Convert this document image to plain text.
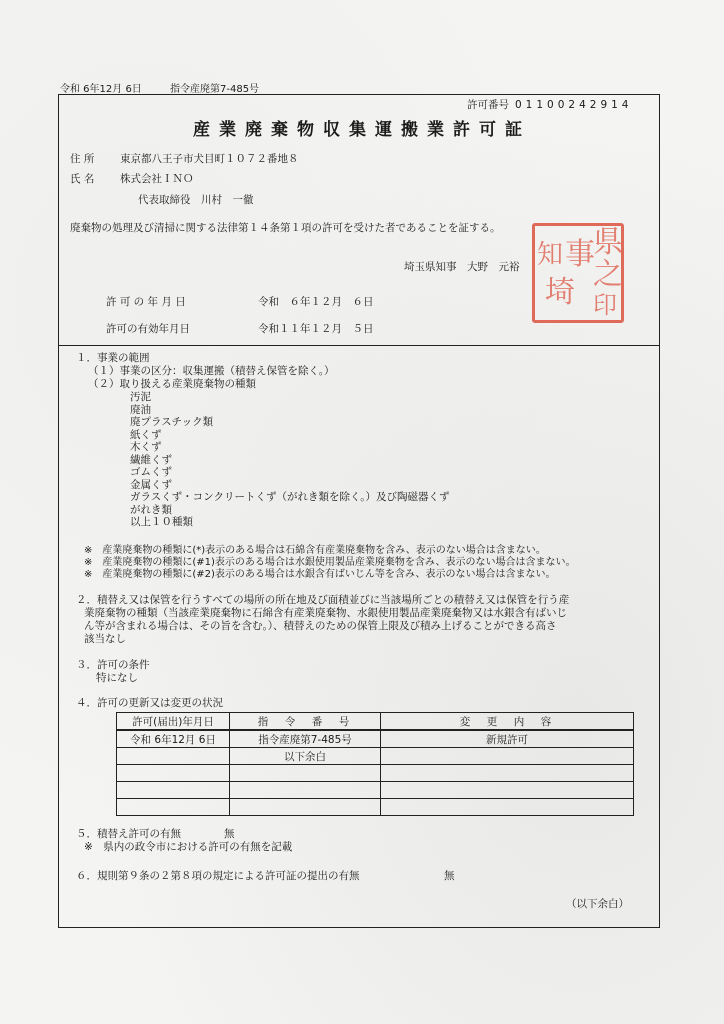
令和 6年12月 6日	指令産廃第7-485号
許可番号 01100242914
産業廃棄物収集運搬業許可証
住 所 東京都八王子市犬目町１０７２番地８
氏 名 株式会社ＩＮＯ
代表取締役　川村　一徹
廃棄物の処理及び清掃に関する法律第１４条第１項の許可を受けた者であることを証する。
埼玉県知事　大野　元裕
県
之
印
事
知
埼
許 可 の 年 月 日	令和　６年１２月　６日
許可の有効年月日	令和１１年１２月　５日
１．事業の範囲
（１）事業の区分：収集運搬（積替え保管を除く。）
（２）取り扱える産業廃棄物の種類
汚泥
廃油
廃プラスチック類
紙くず
木くず
繊維くず
ゴムくず
金属くず
ガラスくず・コンクリートくず（がれき類を除く。）及び陶磁器くず
がれき類
以上１０種類
※　産業廃棄物の種類に(*)表示のある場合は石綿含有産業廃棄物を含み、表示のない場合は含まない。
※　産業廃棄物の種類に(#1)表示のある場合は水銀使用製品産業廃棄物を含み、表示のない場合は含まない。
※　産業廃棄物の種類に(#2)表示のある場合は水銀含有ばいじん等を含み、表示のない場合は含まない。
２．積替え又は保管を行うすべての場所の所在地及び面積並びに当該場所ごとの積替え又は保管を行う産
業廃棄物の種類（当該産業廃棄物に石綿含有産業廃棄物、水銀使用製品産業廃棄物又は水銀含有ばいじ
ん等が含まれる場合は、その旨を含む。）、積替えのための保管上限及び積み上げることができる高さ
該当なし
３．許可の条件
特になし
４．許可の更新又は変更の状況
許可(届出)年月日	指　令　番　号	変　更　内　容
令和 6年12月 6日	指令産廃第7-485号	新規許可
	以下余白	

５．積替え許可の有無	無
※　県内の政令市における許可の有無を記載
６．規則第９条の２第８項の規定による許可証の提出の有無	無
（以下余白）
